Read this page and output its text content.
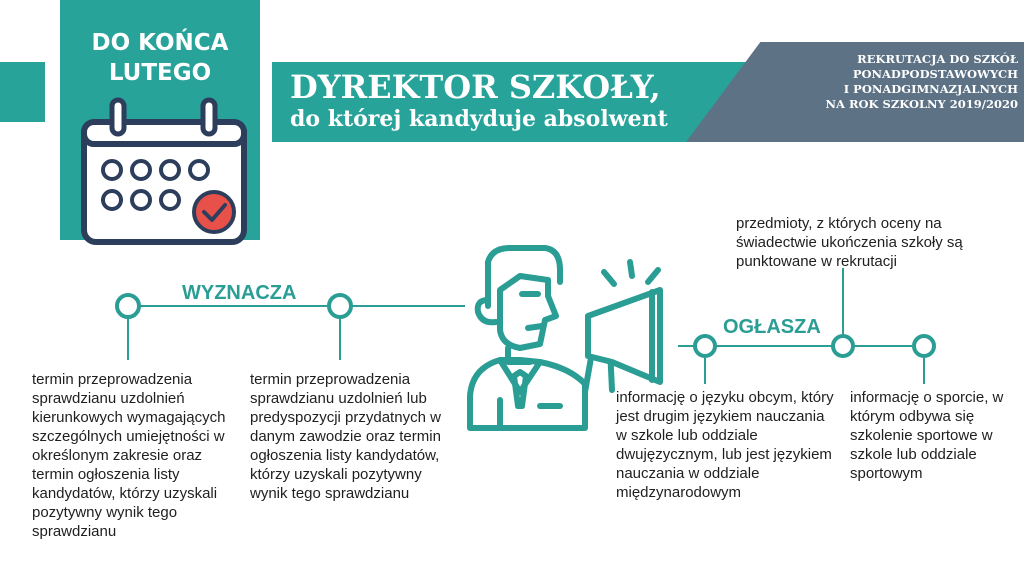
DO KOŃCA
LUTEGO	DYREKTOR SZKOŁY,
do której kandyduje absolwent
REKRUTACJA DO SZKÓŁ
PONADPODSTAWOWYCH
I PONADGIMNAZJALNYCH
NA ROK SZKOLNY 2019/2020
WYZNACZA
OGŁASZA
termin przeprowadzenia sprawdzianu uzdolnień kierunkowych wymagających szczególnych umiejętności w określonym zakresie oraz termin ogłoszenia listy kandydatów, którzy uzyskali pozytywny wynik tego sprawdzianu
termin przeprowadzenia sprawdzianu uzdolnień lub predyspozycji przydatnych w danym zawodzie oraz termin ogłoszenia listy kandydatów, którzy uzyskali pozytywny wynik tego sprawdzianu
przedmioty, z których oceny na świadectwie ukończenia szkoły są punktowane w rekrutacji
informację o języku obcym, który jest drugim językiem nauczania w szkole lub oddziale dwujęzycznym, lub jest językiem nauczania w oddziale międzynarodowym
informację o sporcie, w którym odbywa się szkolenie sportowe w szkole lub oddziale sportowym
